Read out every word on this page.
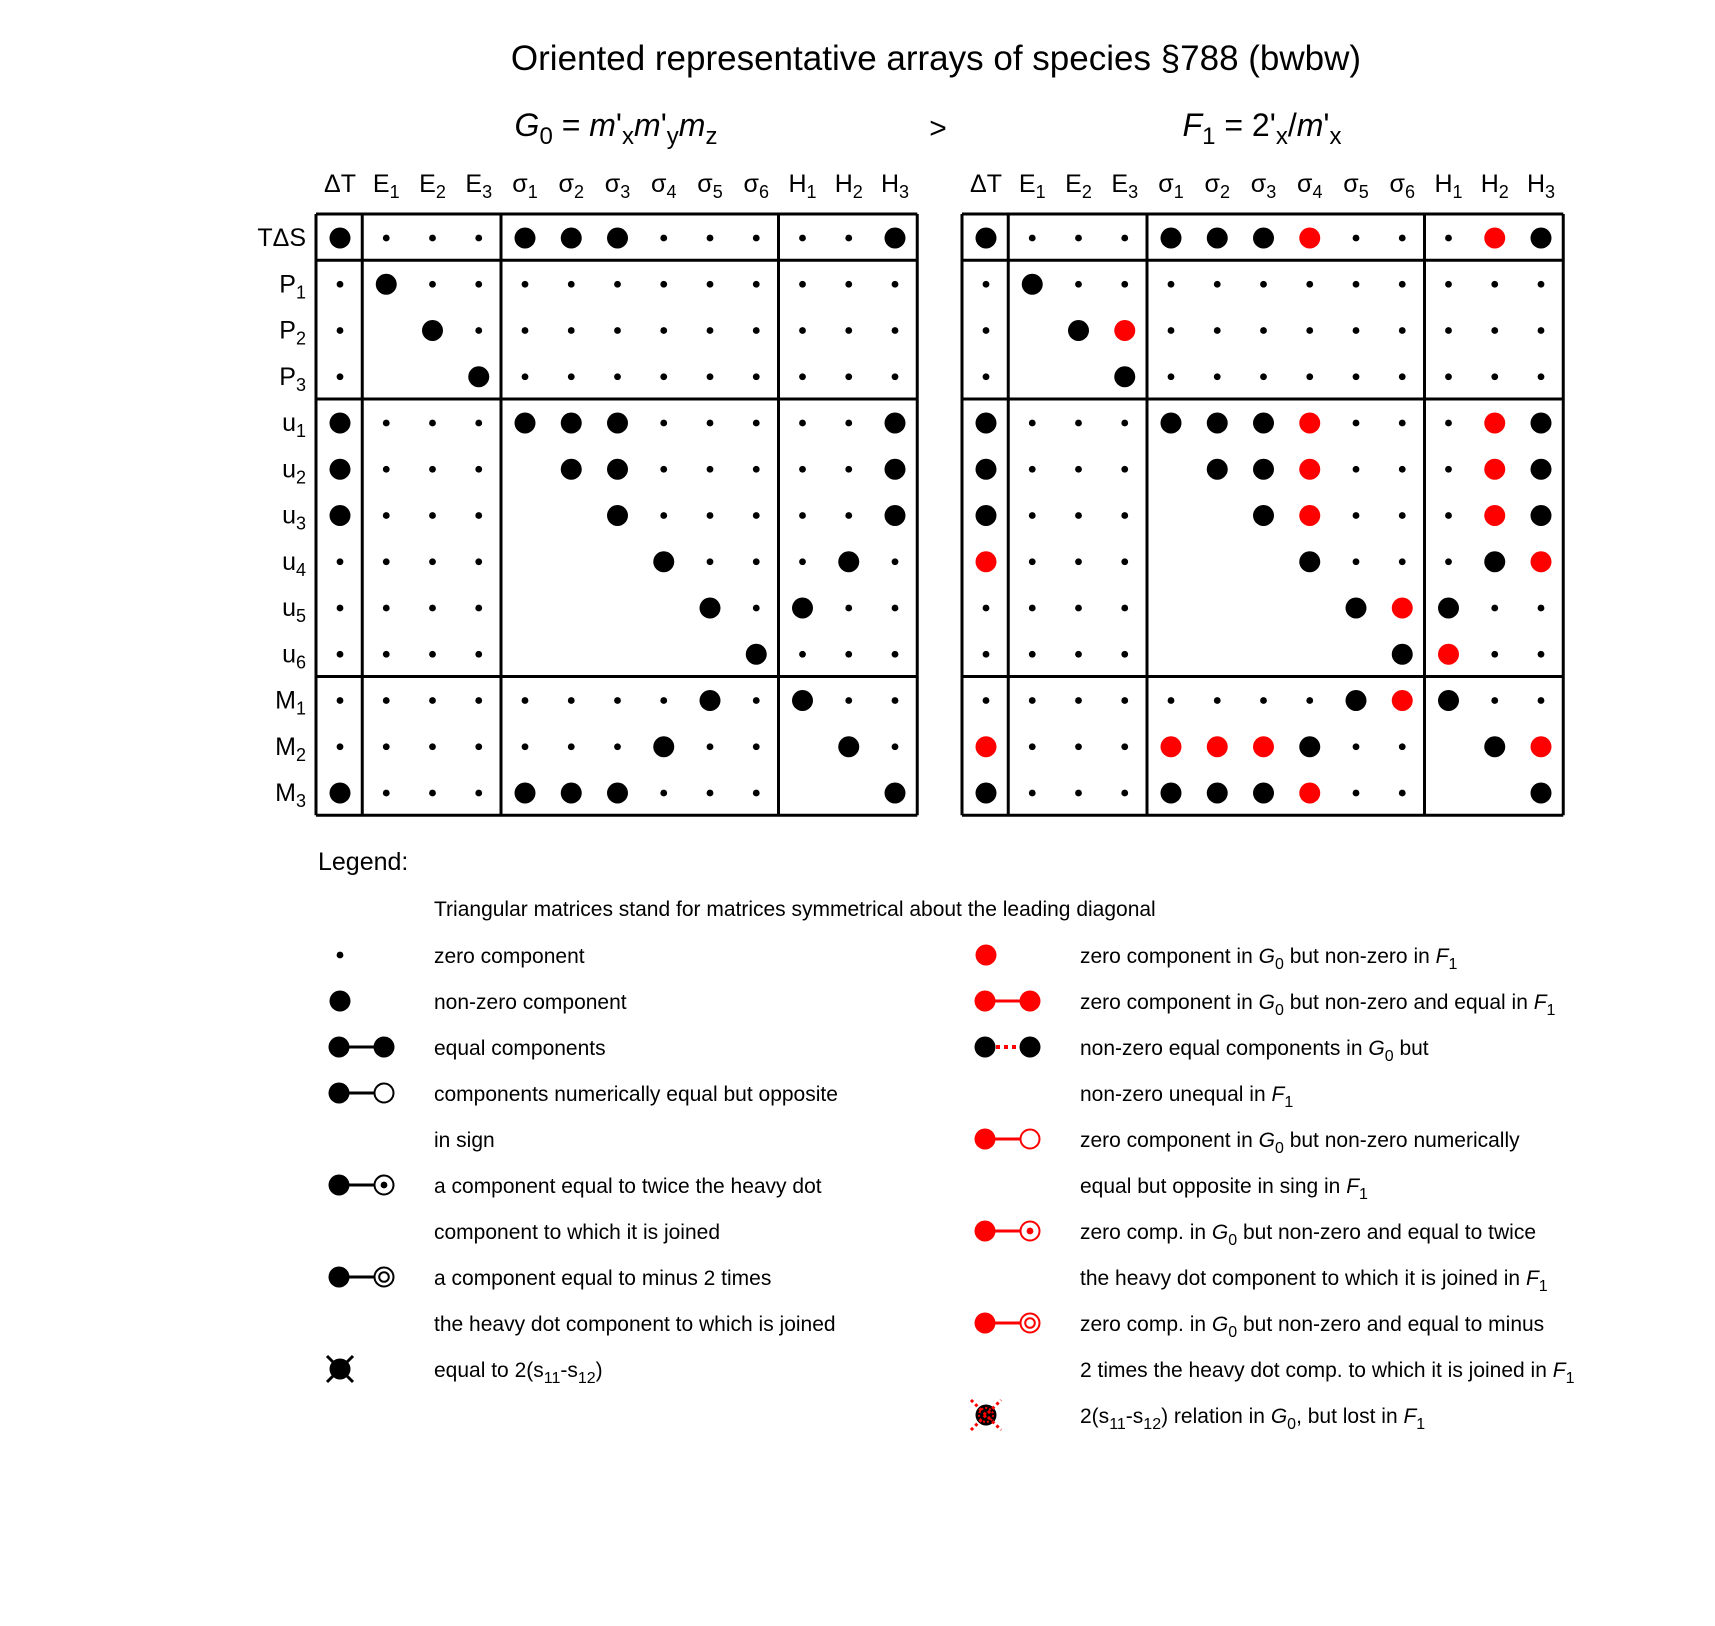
Oriented representative arrays of species §788 (bwbw)
>
G0 = m'xm'ymz
ΔT E1 E2 E3 σ1 σ2 σ3 σ4 σ5 σ6 H1 H2 H3
TΔS
P1
P2
P3
u1
u2
u3
u4
u5
u6
M1
M2
M3
F1 = 2'x/m'x
ΔT E1 E2 E3 σ1 σ2 σ3 σ4 σ5 σ6 H1 H2 H3
Legend:
Triangular matrices stand for matrices symmetrical about the leading diagonal
zero component
non-zero component
equal components
components numerically equal but opposite
in sign
a component equal to twice the heavy dot
component to which it is joined
a component equal to minus 2 times
the heavy dot component to which is joined
equal to 2(s11-s12)
zero component in G0 but non-zero in F1
zero component in G0 but non-zero and equal in F1
non-zero equal components in G0 but
non-zero unequal in F1
zero component in G0 but non-zero numerically
equal but opposite in sing in F1
zero comp. in G0 but non-zero and equal to twice
the heavy dot component to which it is joined in F1
zero comp. in G0 but non-zero and equal to minus
2 times the heavy dot comp. to which it is joined in F1
2(s11-s12) relation in G0, but lost in F1
